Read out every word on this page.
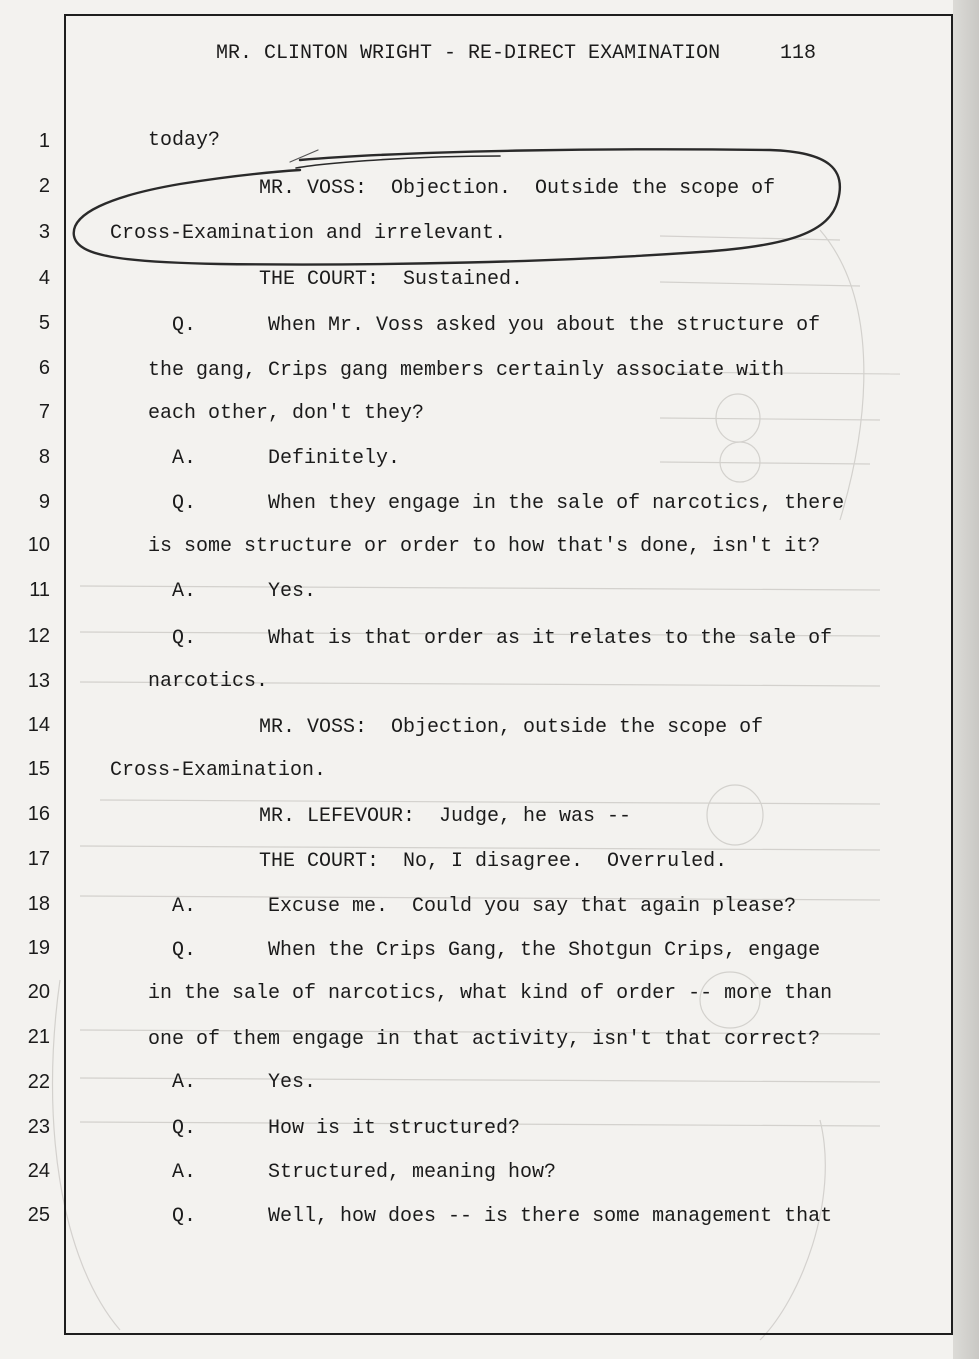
MR. CLINTON WRIGHT - RE-DIRECT EXAMINATION	118
1	today?
2	MR. VOSS:  Objection.  Outside the scope of
3	Cross-Examination and irrelevant.
4	THE COURT:  Sustained.
5	Q.      When Mr. Voss asked you about the structure of
6	the gang, Crips gang members certainly associate with
7	each other, don't they?
8	A.      Definitely.
9	Q.      When they engage in the sale of narcotics, there
10	is some structure or order to how that's done, isn't it?
11	A.      Yes.
12	Q.      What is that order as it relates to the sale of
13	narcotics.
14	MR. VOSS:  Objection, outside the scope of
15	Cross-Examination.
16	MR. LEFEVOUR:  Judge, he was --
17	THE COURT:  No, I disagree.  Overruled.
18	A.      Excuse me.  Could you say that again please?
19	Q.      When the Crips Gang, the Shotgun Crips, engage
20	in the sale of narcotics, what kind of order -- more than
21	one of them engage in that activity, isn't that correct?
22	A.      Yes.
23	Q.      How is it structured?
24	A.      Structured, meaning how?
25	Q.      Well, how does -- is there some management that
